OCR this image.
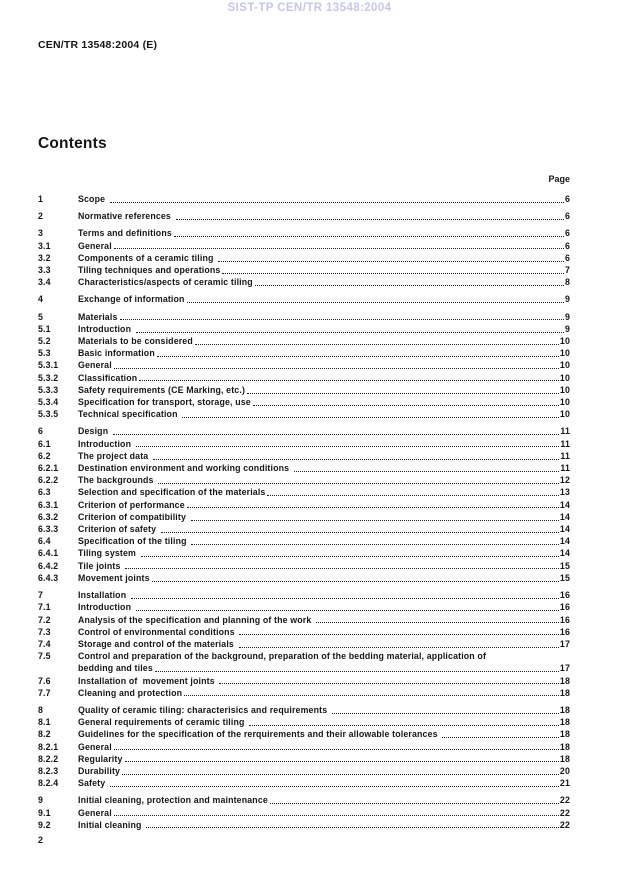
SIST-TP CEN/TR 13548:2004
CEN/TR 13548:2004 (E)
Contents
Page
1	Scope	6
2	Normative references	6
3	Terms and definitions	6
3.1	General	6
3.2	Components of a ceramic tiling	6
3.3	Tiling techniques and operations	7
3.4	Characteristics/aspects of ceramic tiling	8
4	Exchange of information	9
5	Materials	9
5.1	Introduction	9
5.2	Materials to be considered	10
5.3	Basic information	10
5.3.1	General	10
5.3.2	Classification	10
5.3.3	Safety requirements (CE Marking, etc.)	10
5.3.4	Specification for transport, storage, use	10
5.3.5	Technical specification	10
6	Design	11
6.1	Introduction	11
6.2	The project data	11
6.2.1	Destination environment and working conditions	11
6.2.2	The backgrounds	12
6.3	Selection and specification of the materials	13
6.3.1	Criterion of performance	14
6.3.2	Criterion of compatibility	14
6.3.3	Criterion of safety	14
6.4	Specification of the tiling	14
6.4.1	Tiling system	14
6.4.2	Tile joints	15
6.4.3	Movement joints	15
7	Installation	16
7.1	Introduction	16
7.2	Analysis of the specification and planning of the work	16
7.3	Control of environmental conditions	16
7.4	Storage and control of the materials	17
7.5	Control and preparation of the background, preparation of the bedding material, application of
bedding and tiles	17
7.6	Installation of  movement joints	18
7.7	Cleaning and protection	18
8	Quality of ceramic tiling: characterisics and requirements	18
8.1	General requirements of ceramic tiling	18
8.2	Guidelines for the specification of the rerquirements and their allowable tolerances	18
8.2.1	General	18
8.2.2	Regularity	18
8.2.3	Durability	20
8.2.4	Safety	21
9	Initial cleaning, protection and maintenance	22
9.1	General	22
9.2	Initial cleaning	22
2
